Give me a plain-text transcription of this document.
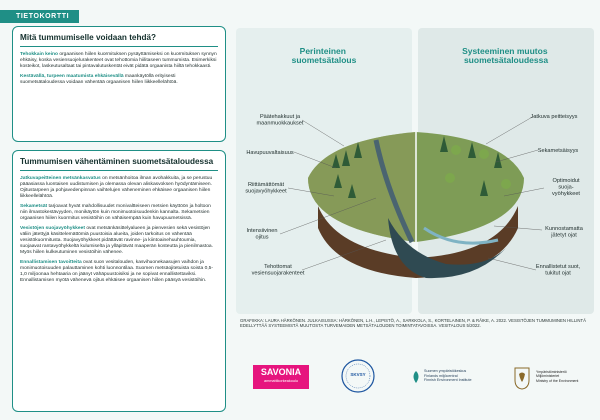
TIETOKORTTI
Mitä tummumiselle voidaan tehdä?

Tehokkain keino orgaanisen hiilen kuormituksen pysäyttämiseksi on kuormituksen synnyn ehkäisy, koska vesiensuojelurakenteet ovat tehottomia hiilitaseen tummumista. Esimerkiksi kosteikot, laskeutusaltaat tai pintavalutuskentät eivät pidätä orgaanista hiiltä tehokkaasti.

Kestävällä, turpeen maatumista ehkäisevällä maankäytöllä erityisesti suometsätaloudessa voidaan vähentää orgaanisen hiilen liikkeellelähtöä.

Tummumisen vähentäminen suometsätaloudessa

Jatkuvapeitteinen metsänkasvatus on metsänhoitoa ilman avohakkuita, ja se perustuu pääasiassa luontaisen uudistumisen ja olemassa olevan aliskasvoksen hyödyntämiseen. Ojitustarpeen ja pohjavedenpinnan vaihtelujen väheneminen ehkäisee orgaanisen hiilen liikkeellelähtöä.

Sekametsät tarjoavat hyvät mahdollisuudet monivaltteiseen metsien käyttöön ja holtoon niin ilmastokestävyyden, monikäytön kuin monimuotoisuudenkin kannalta. Sekametsien orgaanisen hiilen kuormitus vesistöihin on vähäisempää kuin havupuumetsissä.

Vesistöjen suojavyöhykkeet ovat metsänkäsittelyalueen ja pienvesien sekä vesistöjen väliin jätettyjä käsittelemättömiä puustoisia alueita, joiden tarkoitus on vähentää vesistökuormitusta. Suojavyöhykkeet pidättävät ravinne- ja kiintoainehuuhtoumia, suojaavat rantavyöhykkeltä kulumiselta ja ylläpitävät maaperän kosteutta ja pienilmastoa. Myös hiilen kulkeutuminen vesistöihin vähenee.

Ennallistamisen tavoitteita ovat suon vesitalouden, kasvihuonekaasujen vaihdon ja monimuotoisuuden palauttaminen kohti luonnontilaa. Suomen metsäojitetuista soista 0,5-1,0 miljoonaa hehtaaria on jäänyt vähäpuustoisiksi ja ne sopivat ennallistettaviksi. Ennallistamisen myötä vähenevä ojitus ehkäisee orgaanisen hiilen pääsyä vesistöihin.

Perinteinen suometsätalous
Systeeminen muutos suometsätaloudessa
Päätehakkuut ja maanmuokkaukset
Havupuuvaltaisuus
Riittämättömät suojavyöhykkeet
Intensiivinen ojitus
Tehottomat vesiensuojarakenteet
Jatkuva peitteisyys
Sekametsäisyys
Optimoidut suoja-vyöhykkeet
Kunnostamatta jätetyt ojat
Ennallistetut suot, tukitut ojat

GRAFIIKKA: LAURA HÄRKÖNEN. JULKAISUSSA: HÄRKÖNEN, L.H., LEPISTÖ, A., SARKKOLA, S., KORTELAINEN, P. & RÄIKE, A. 2022. VESISTÖJEN TUMMUMINEN HILLINTÄ EDELLYTTÄÄ SYSTEEMISTÄ MUUTOSTA TURVEMAIDEN METSÄTALOUDEN TOIMINTATAVOISSA. VESITALOUS 5/2022.

SAVONIA
ammattikorkeakoulu
SKVSY
Suomen ympäristökeskus
Finlands miljöcentral
Finnish Environment Institute
Ympäristöministeriö
Miljöministeriet
Ministry of the Environment
